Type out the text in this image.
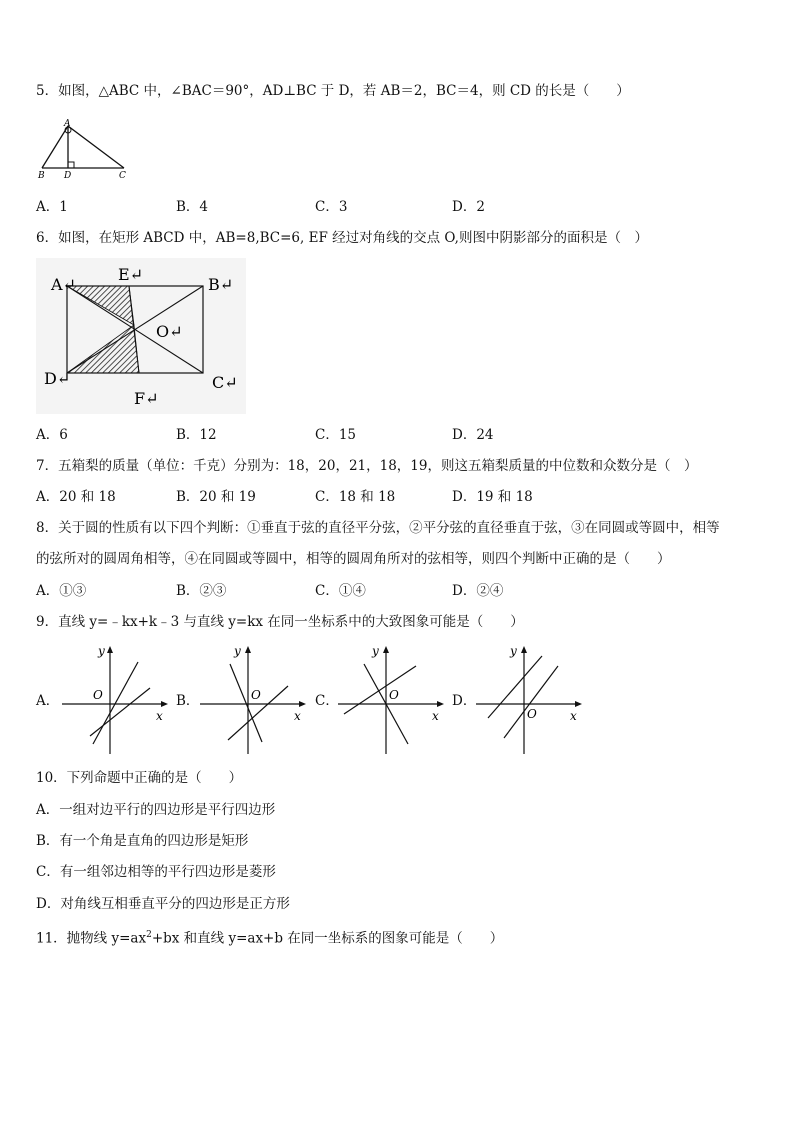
5．如图，△ABC 中，∠BAC＝90°，AD⊥BC 于 D，若 AB＝2，BC＝4，则 CD 的长是（　　）
A
B D	C
A．1	B．4	C．3	D．2
6．如图，在矩形 ABCD 中，AB=8,BC=6, EF 经过对角线的交点 O,则图中阴影部分的面积是（　）
A↵
E↵
B↵
O↵
D↵	C↵
F↵
A．6	B．12	C．15	D．24
7．五箱梨的质量（单位：千克）分别为：18，20，21，18，19，则这五箱梨质量的中位数和众数分是（　）
A．20 和 18	B．20 和 19	C．18 和 18	D．19 和 18
8．关于圆的性质有以下四个判断：①垂直于弦的直径平分弦，②平分弦的直径垂直于弦，③在同圆或等圆中，相等
的弦所对的圆周角相等，④在同圆或等圆中，相等的圆周角所对的弦相等，则四个判断中正确的是（　　）
A．①③	B．②③	C．①④	D．②④
9．直线 y=﹣kx+k﹣3 与直线 y=kx 在同一坐标系中的大致图象可能是（　　）
A．	B．	C．	D．
y
O
x
y
O
x
y
O
x
y
O	x
10．下列命题中正确的是（　　）
A．一组对边平行的四边形是平行四边形
B．有一个角是直角的四边形是矩形
C．有一组邻边相等的平行四边形是菱形
D．对角线互相垂直平分的四边形是正方形
11．抛物线 $y=ax^2+bx$ 和直线 y=ax+b 在同一坐标系的图象可能是（　　）
